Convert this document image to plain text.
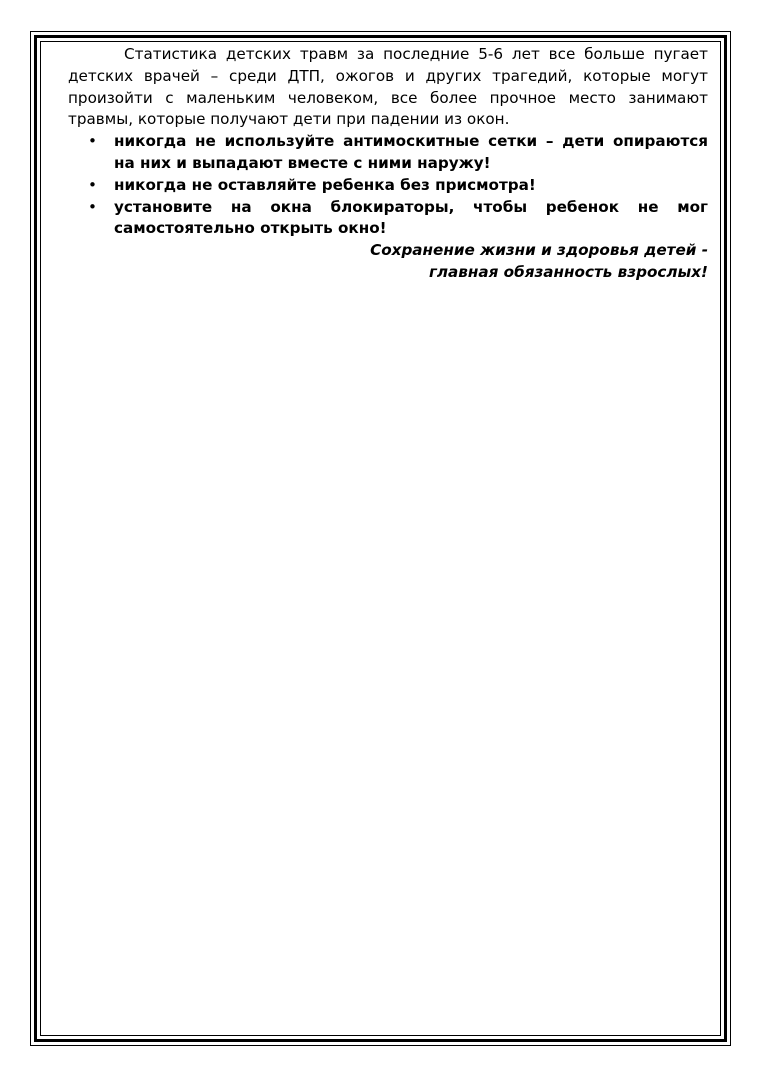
Статистика детских травм за последние 5-6 лет все больше пугает детских врачей – среди ДТП, ожогов и других трагедий, которые могут произойти с маленьким человеком, все более прочное место занимают травмы, которые получают дети при падении из окон.

• никогда не используйте антимоскитные сетки – дети опираются на них и выпадают вместе с ними наружу!
• никогда не оставляйте ребенка без присмотра!
• установите на окна блокираторы, чтобы ребенок не мог самостоятельно открыть окно!

Сохранение жизни и здоровья детей -
главная обязанность взрослых!
